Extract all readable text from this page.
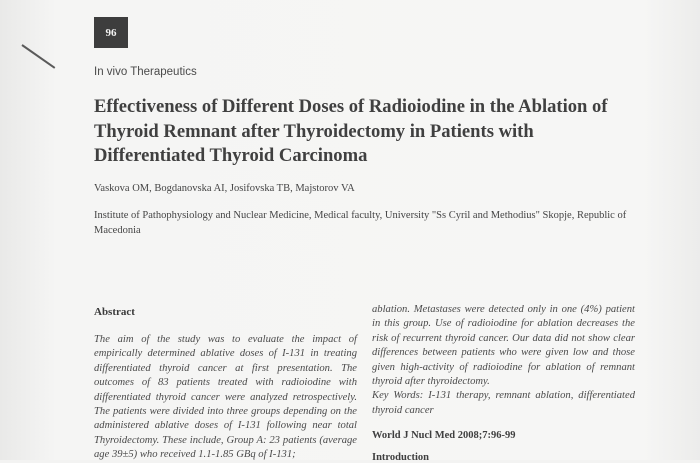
96
In vivo Therapeutics
Effectiveness of Different Doses of Radioiodine in the Ablation of Thyroid Remnant after Thyroidectomy in Patients with Differentiated Thyroid Carcinoma
Vaskova OM, Bogdanovska AI, Josifovska TB, Majstorov VA
Institute of Pathophysiology and Nuclear Medicine, Medical faculty, University "Ss Cyril and Methodius" Skopje, Republic of Macedonia
Abstract

The aim of the study was to evaluate the impact of empirically determined ablative doses of I-131 in treating differentiated thyroid cancer at first presentation. The outcomes of 83 patients treated with radioiodine with differentiated thyroid cancer were analyzed retrospectively. The patients were divided into three groups depending on the administered ablative doses of I-131 following near total Thyroidectomy. These include, Group A: 23 patients (average age 39±5) who received 1.1-1.85 GBq of I-131;

ablation. Metastases were detected only in one (4%) patient in this group. Use of radioiodine for ablation decreases the risk of recurrent thyroid cancer. Our data did not show clear differences between patients who were given low and those given high-activity of radioiodine for ablation of remnant thyroid after thyroidectomy.

Key Words: I-131 therapy, remnant ablation, differentiated thyroid cancer

World J Nucl Med 2008;7:96-99
Introduction
